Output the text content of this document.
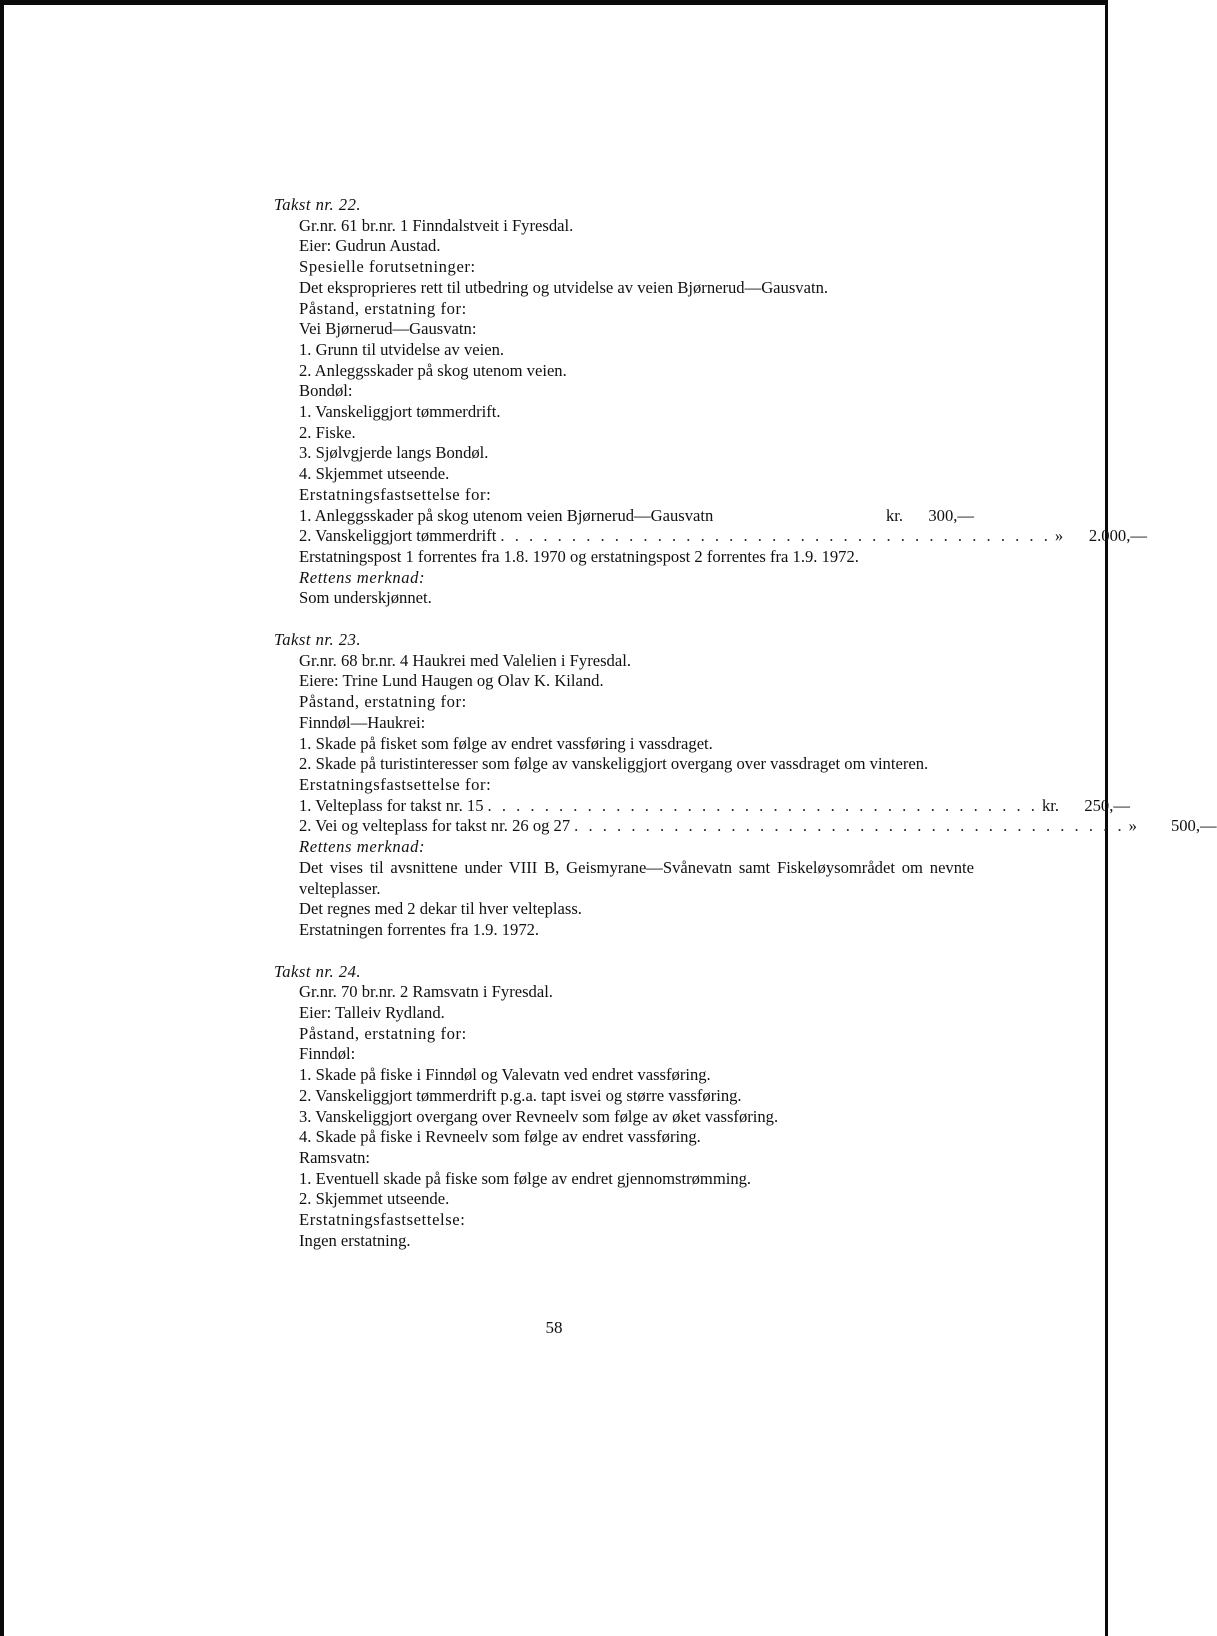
Takst nr. 22.
Gr.nr. 61 br.nr. 1 Finndalstveit i Fyresdal.
Eier: Gudrun Austad.
Spesielle forutsetninger:
Det eksproprieres rett til utbedring og utvidelse av veien Bjørnerud—Gausvatn.
Påstand, erstatning for:
Vei Bjørnerud—Gausvatn:
1. Grunn til utvidelse av veien.
2. Anleggsskader på skog utenom veien.
Bondøl:
1. Vanskeliggjort tømmerdrift.
2. Fiske.
3. Sjølvgjerde langs Bondøl.
4. Skjemmet utseende.
Erstatningsfastsettelse for:
1. Anleggsskader på skog utenom veien Bjørnerud—Gausvatn	kr.	300,—
2. Vanskeliggjort tømmerdrift . . . . . . . . . . . . . . . . . . . . . . . . . . . . . . . . . . . . . . . »	2.000,—
Erstatningspost 1 forrentes fra 1.8. 1970 og erstatningspost 2 forrentes fra 1.9. 1972.
Rettens merknad:
Som underskjønnet.
Takst nr. 23.
Gr.nr. 68 br.nr. 4 Haukrei med Valelien i Fyresdal.
Eiere: Trine Lund Haugen og Olav K. Kiland.
Påstand, erstatning for:
Finndøl—Haukrei:
1. Skade på fisket som følge av endret vassføring i vassdraget.
2. Skade på turistinteresser som følge av vanskeliggjort overgang over vassdraget om vinteren.
Erstatningsfastsettelse for:
1. Velteplass for takst nr. 15 . . . . . . . . . . . . . . . . . . . . . . . . . . . . . . . . . . . . . . . kr.	250,—
2. Vei og velteplass for takst nr. 26 og 27 . . . . . . . . . . . . . . . . . . . . . . . . . . . . . . . . . . . . . . . »	500,—
Rettens merknad:
Det vises til avsnittene under VIII B, Geismyrane—Svånevatn samt Fiskeløysområdet om nevnte velteplasser.
Det regnes med 2 dekar til hver velteplass.
Erstatningen forrentes fra 1.9. 1972.
Takst nr. 24.
Gr.nr. 70 br.nr. 2 Ramsvatn i Fyresdal.
Eier: Talleiv Rydland.
Påstand, erstatning for:
Finndøl:
1. Skade på fiske i Finndøl og Valevatn ved endret vassføring.
2. Vanskeliggjort tømmerdrift p.g.a. tapt isvei og større vassføring.
3. Vanskeliggjort overgang over Revneelv som følge av øket vassføring.
4. Skade på fiske i Revneelv som følge av endret vassføring.
Ramsvatn:
1. Eventuell skade på fiske som følge av endret gjennomstrømming.
2. Skjemmet utseende.
Erstatningsfastsettelse:
Ingen erstatning.
58
